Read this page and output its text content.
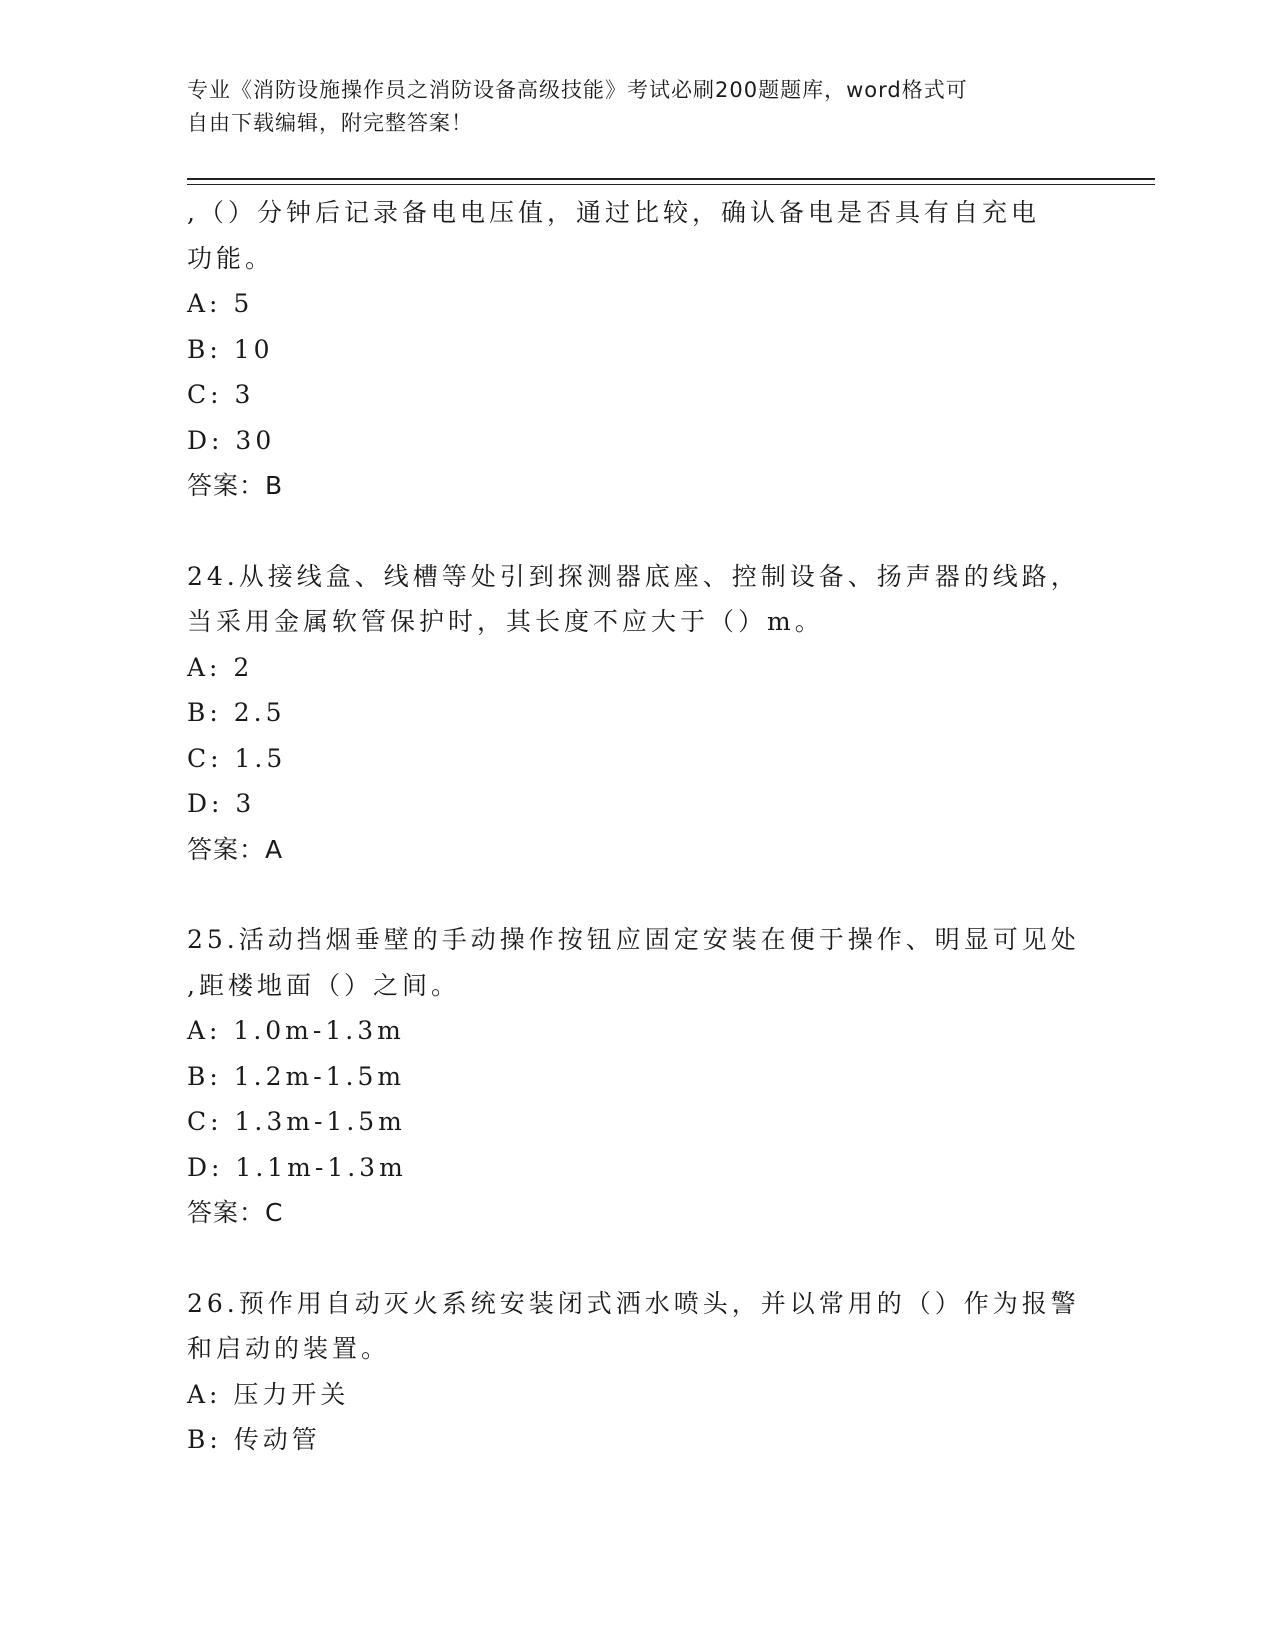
专业《消防设施操作员之消防设备高级技能》考试必刷200题题库，word格式可
自由下载编辑，附完整答案！
,（）分钟后记录备电电压值，通过比较，确认备电是否具有自充电
功能。
A: 5
B: 10
C: 3
D: 30
答案：B
24.从接线盒、线槽等处引到探测器底座、控制设备、扬声器的线路，
当采用金属软管保护时，其长度不应大于（）m。
A: 2
B: 2.5
C: 1.5
D: 3
答案：A
25.活动挡烟垂壁的手动操作按钮应固定安装在便于操作、明显可见处
,距楼地面（）之间。
A: 1.0m-1.3m
B: 1.2m-1.5m
C: 1.3m-1.5m
D: 1.1m-1.3m
答案：C
26.预作用自动灭火系统安装闭式洒水喷头，并以常用的（）作为报警
和启动的装置。
A: 压力开关
B: 传动管
